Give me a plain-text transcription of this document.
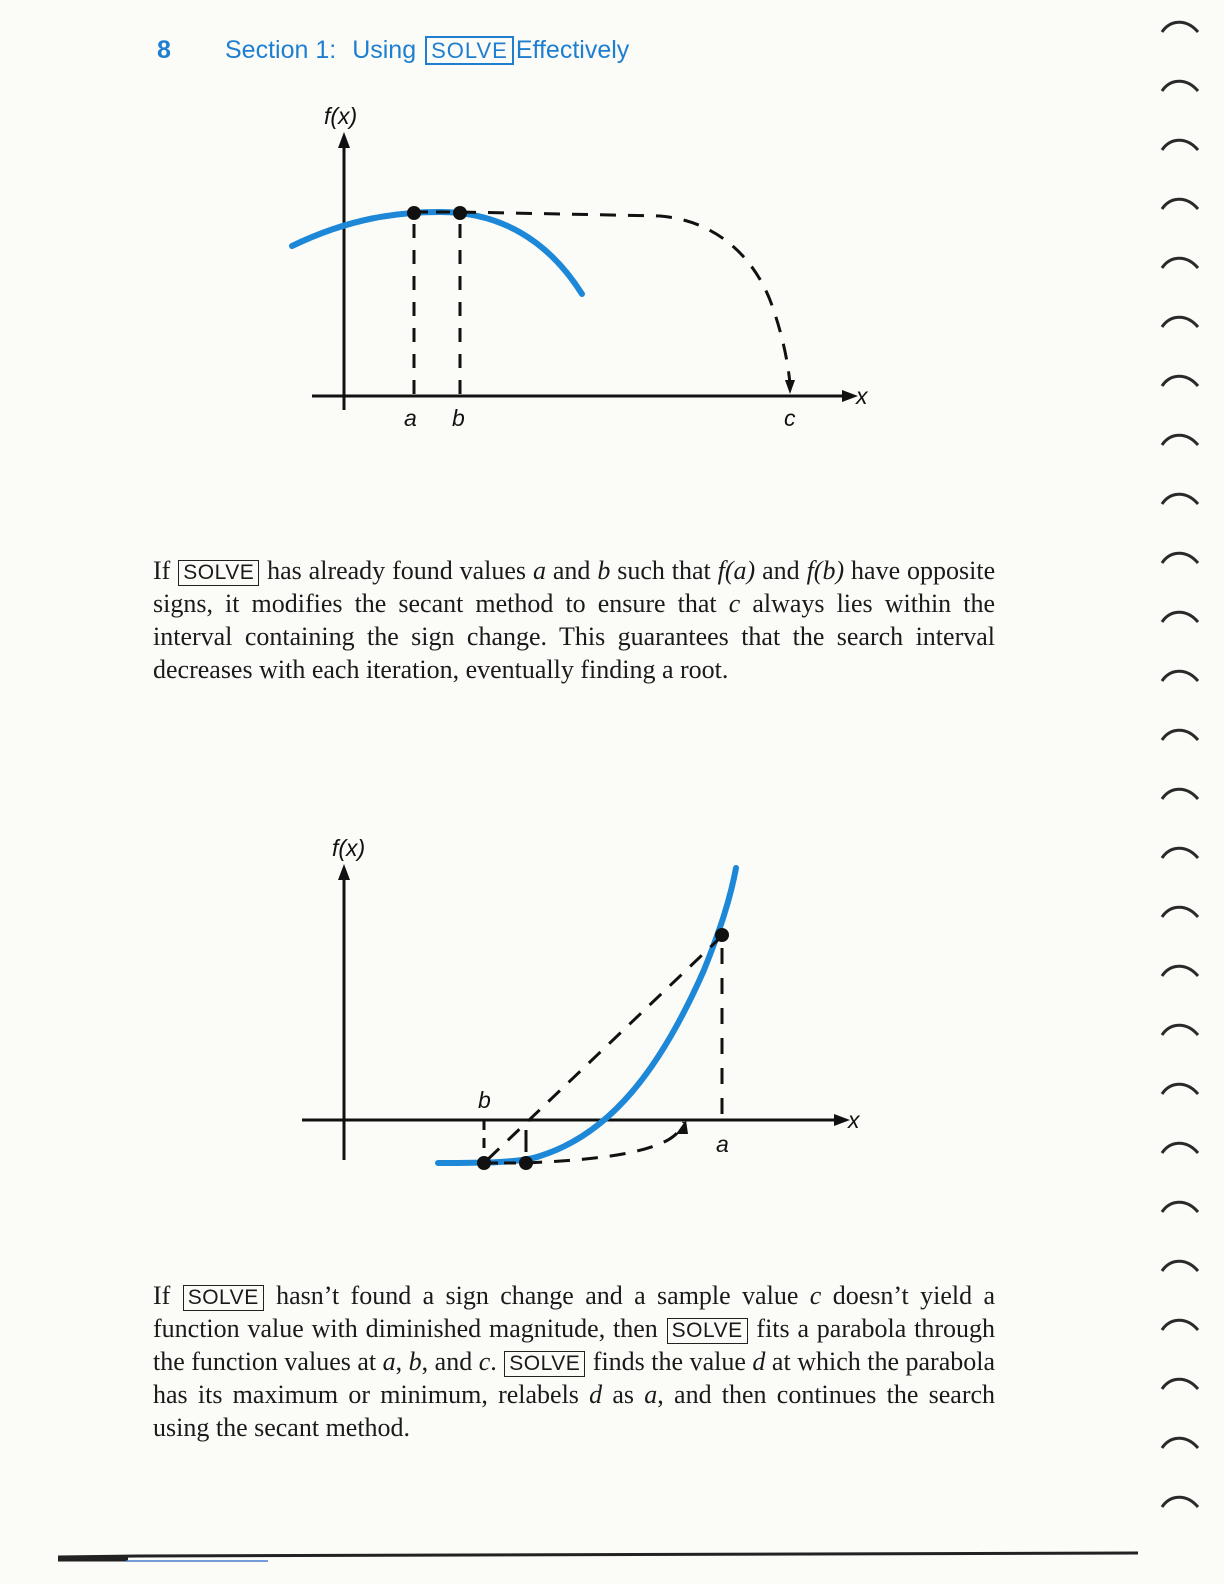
8 Section 1: Using SOLVE Effectively
f(x)
x
a b	c

If SOLVE has already found values a and b such that f(a) and f(b) have opposite signs, it modifies the secant method to ensure that c always lies within the interval containing the sign change. This guarantees that the search interval decreases with each iteration, eventually finding a root.

f(x)
x
b
a

If SOLVE hasn’t found a sign change and a sample value c doesn’t yield a function value with diminished magnitude, then SOLVE fits a parabola through the function values at a, b, and c. SOLVE finds the value d at which the parabola has its maximum or minimum, relabels d as a, and then continues the search using the secant method.
